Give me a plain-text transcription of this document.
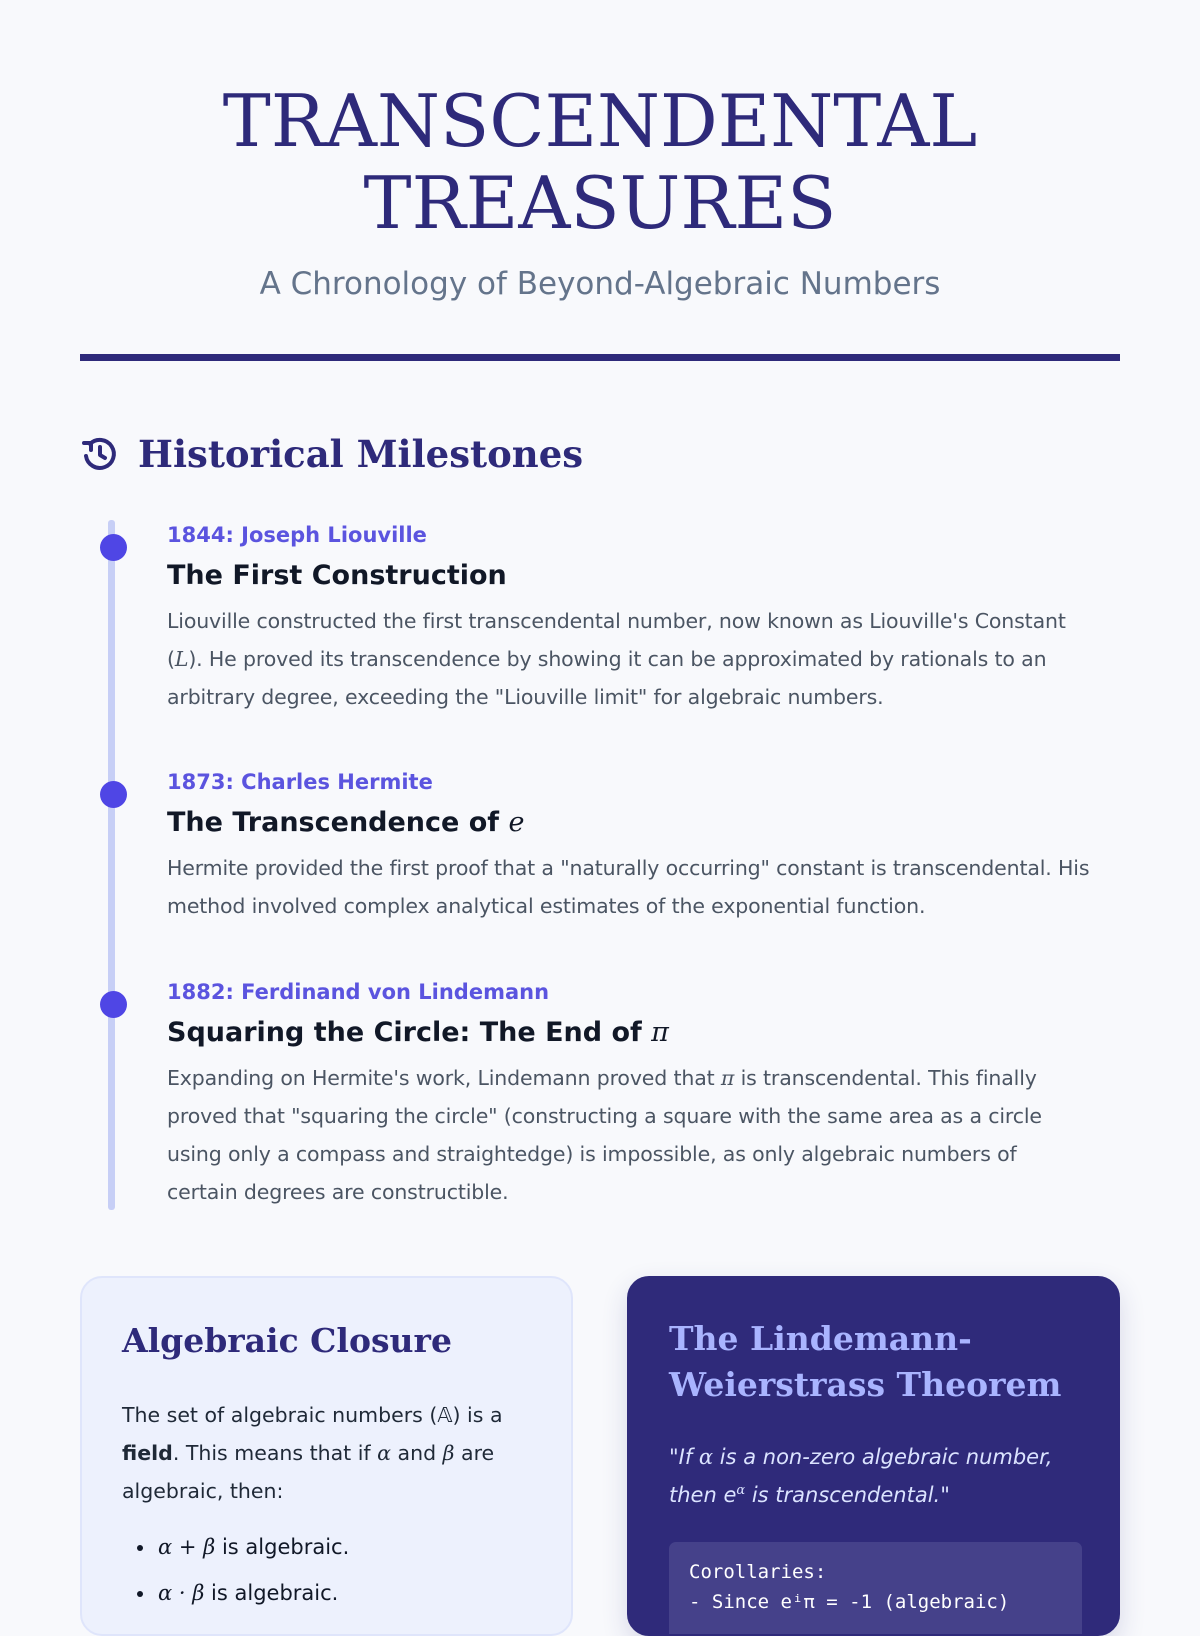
TRANSCENDENTAL
TREASURES
A Chronology of Beyond-Algebraic Numbers
Historical Milestones
1844: Joseph Liouville
The First Construction

Liouville constructed the first transcendental number, now known as Liouville's Constant (L). He proved its transcendence by showing it can be approximated by rationals to an arbitrary degree, exceeding the "Liouville limit" for algebraic numbers.

1873: Charles Hermite
The Transcendence of e

Hermite provided the first proof that a "naturally occurring" constant is transcendental. His method involved complex analytical estimates of the exponential function.

1882: Ferdinand von Lindemann
Squaring the Circle: The End of π

Expanding on Hermite's work, Lindemann proved that π is transcendental. This finally proved that "squaring the circle" (constructing a square with the same area as a circle using only a compass and straightedge) is impossible, as only algebraic numbers of certain degrees are constructible.

Algebraic Closure

The set of algebraic numbers (𝔸) is a field. This means that if α and β are algebraic, then:

• α + β is algebraic.
• α · β is algebraic.
The Lindemann-Weierstrass Theorem

"If α is a non-zero algebraic number, then $e^\alpha$ is transcendental."

Corollaries:
- Since eⁱπ = -1 (algebraic)
